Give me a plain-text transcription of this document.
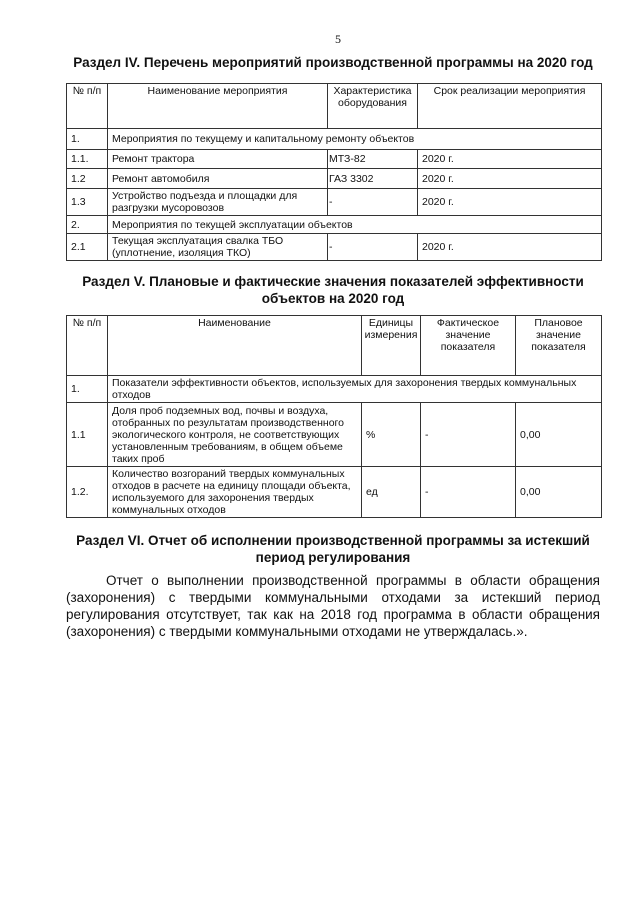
5
Раздел IV. Перечень мероприятий производственной программы на 2020 год
№ п/п	Наименование мероприятия	Характеристика оборудования	Срок реализации мероприятия
1.	Мероприятия по текущему и капитальному ремонту объектов		
1.1.	Ремонт трактора	МТЗ-82	2020 г.
1.2	Ремонт автомобиля	ГАЗ 3302	2020 г.
1.3	Устройство подъезда и площадки для разгрузки мусоровозов	-	2020 г.
2.	Мероприятия по текущей эксплуатации объектов		
2.1	Текущая эксплуатация свалка ТБО (уплотнение, изоляция ТКО)	-	2020 г.
Раздел V. Плановые и фактические значения показателей эффективности
объектов на 2020 год
№ п/п	Наименование	Единицы измерения	Фактическое значение показателя	Плановое значение показателя
1.	Показатели эффективности объектов, используемых для захоронения твердых коммунальных отходов			
1.1	Доля проб подземных вод, почвы и воздуха, отобранных по результатам производственного экологического контроля, не соответствующих установленным требованиям, в общем объеме таких проб	%	-	0,00
1.2.	Количество возгораний твердых коммунальных отходов в расчете на единицу площади объекта, используемого для захоронения твердых коммунальных отходов	ед	-	0,00
Раздел VI. Отчет об исполнении производственной программы за истекший
период регулирования
Отчет о выполнении производственной программы в области обращения (захоронения) с твердыми коммунальными отходами за истекший период регулирования отсутствует, так как на 2018 год программа в области обращения (захоронения) с твердыми коммунальными отходами не утверждалась.».
